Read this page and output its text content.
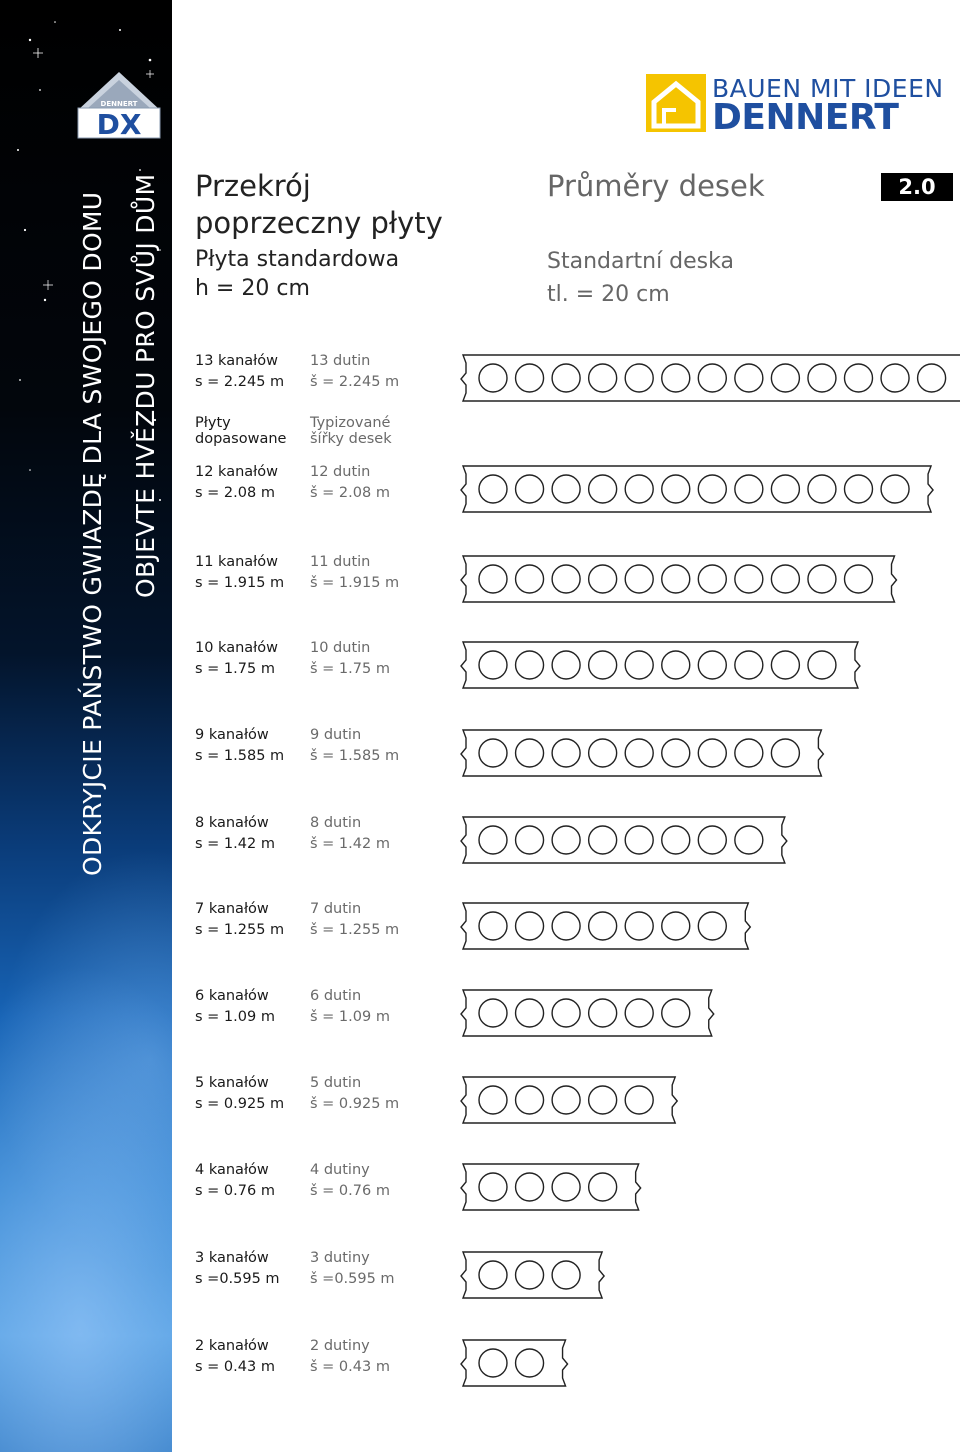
DENNERT
DX
ODKRYJCIE PAŃSTWO GWIAZDĘ DLA SWOJEGO DOMU OBJEVTE HVĚZDU PRO SVŮJ DŮM
BAUEN MIT IDEEN
DENNERT
Przekrój poprzeczny płyty
Płyta standardowa
h = 20 cm
Průměry desek
Standartní deska
tl. = 20 cm
2.0
13 kanałów
s = 2.245 m
13 dutin
š = 2.245 m
Płyty
dopasowane
Typizované
šířky desek
12 kanałów
s = 2.08 m
12 dutin
š = 2.08 m
11 kanałów
s = 1.915 m
11 dutin
š = 1.915 m
10 kanałów
s = 1.75 m
10 dutin
š = 1.75 m
9 kanałów
s = 1.585 m
9 dutin
š = 1.585 m
8 kanałów
s = 1.42 m
8 dutin
š = 1.42 m
7 kanałów
s = 1.255 m
7 dutin
š = 1.255 m
6 kanałów
s = 1.09 m
6 dutin
š = 1.09 m
5 kanałów
s = 0.925 m
5 dutin
š = 0.925 m
4 kanałów
s = 0.76 m
4 dutiny
š = 0.76 m
3 kanałów
s =0.595 m
3 dutiny
š =0.595 m
2 kanałów
s = 0.43 m
2 dutiny
š = 0.43 m
